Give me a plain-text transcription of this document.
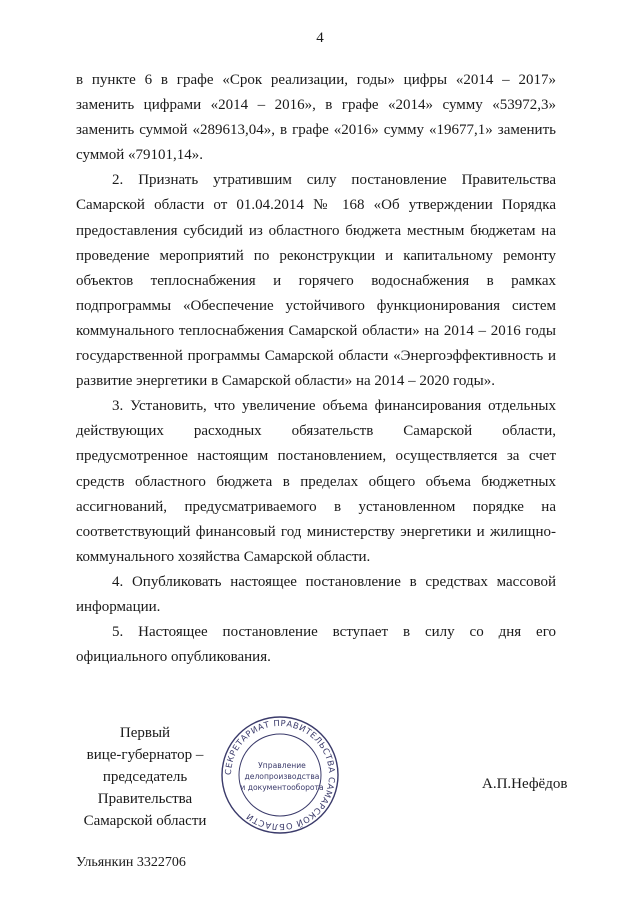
4

в пункте 6 в графе «Срок реализации, годы» цифры «2014 – 2017» заменить цифрами «2014 – 2016», в графе «2014» сумму «53972,3» заменить суммой «289613,04», в графе «2016» сумму «19677,1» заменить суммой «79101,14».

2. Признать утратившим силу постановление Правительства Самарской области от 01.04.2014 № 168 «Об утверждении Порядка предоставления субсидий из областного бюджета местным бюджетам на проведение мероприятий по реконструкции и капитальному ремонту объектов теплоснабжения и горячего водоснабжения в рамках подпрограммы «Обеспечение устойчивого функционирования систем коммунального теплоснабжения Самарской области» на 2014 – 2016 годы государственной программы Самарской области «Энергоэффективность и развитие энергетики в Самарской области» на 2014 – 2020 годы».

3. Установить, что увеличение объема финансирования отдельных действующих расходных обязательств Самарской области, предусмотренное настоящим постановлением, осуществляется за счет средств областного бюджета в пределах общего объема бюджетных ассигнований, предусматриваемого в установленном порядке на соответствующий финансовый год министерству энергетики и жилищно-коммунального хозяйства Самарской области.

4. Опубликовать настоящее постановление в средствах массовой информации.

5. Настоящее постановление вступает в силу со дня его официального опубликования.

Первый
вице-губернатор –
председатель Правительства
Самарской области
СЕКРЕТАРИАТ ПРАВИТЕЛЬСТВА САМАРСКОЙ ОБЛАСТИ
Управление
делопроизводства
и документооборота	А.П.Нефёдов
Ульянкин 3322706
